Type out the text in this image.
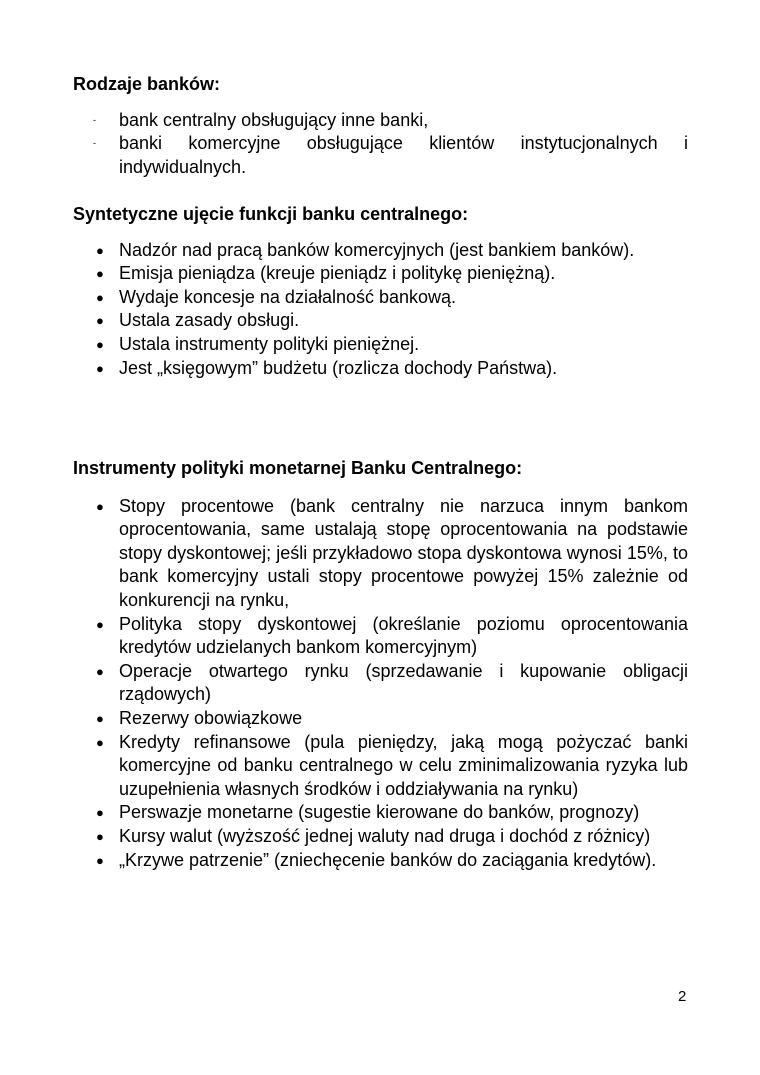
Rodzaje banków:
- bank centralny obsługujący inne banki,
- banki komercyjne obsługujące klientów instytucjonalnych i indywidualnych.
Syntetyczne ujęcie funkcji banku centralnego:
● Nadzór nad pracą banków komercyjnych (jest bankiem banków).
● Emisja pieniądza (kreuje pieniądz i politykę pieniężną).
● Wydaje koncesje na działalność bankową.
● Ustala zasady obsługi.
● Ustala instrumenty polityki pieniężnej.
● Jest „księgowym” budżetu (rozlicza dochody Państwa).
Instrumenty polityki monetarnej Banku Centralnego:
● Stopy procentowe (bank centralny nie narzuca innym bankom oprocentowania, same ustalają stopę oprocentowania na podstawie stopy dyskontowej; jeśli przykładowo stopa dyskontowa wynosi 15%, to bank komercyjny ustali stopy procentowe powyżej 15% zależnie od konkurencji na rynku,
● Polityka stopy dyskontowej (określanie poziomu oprocentowania kredytów udzielanych bankom komercyjnym)
● Operacje otwartego rynku (sprzedawanie i kupowanie obligacji rządowych)
● Rezerwy obowiązkowe
● Kredyty refinansowe (pula pieniędzy, jaką mogą pożyczać banki komercyjne od banku centralnego w celu zminimalizowania ryzyka lub uzupełnienia własnych środków i oddziaływania na rynku)
● Perswazje monetarne (sugestie kierowane do banków, prognozy)
● Kursy walut (wyższość jednej waluty nad druga i dochód z różnicy)
● „Krzywe patrzenie” (zniechęcenie banków do zaciągania kredytów).
2
